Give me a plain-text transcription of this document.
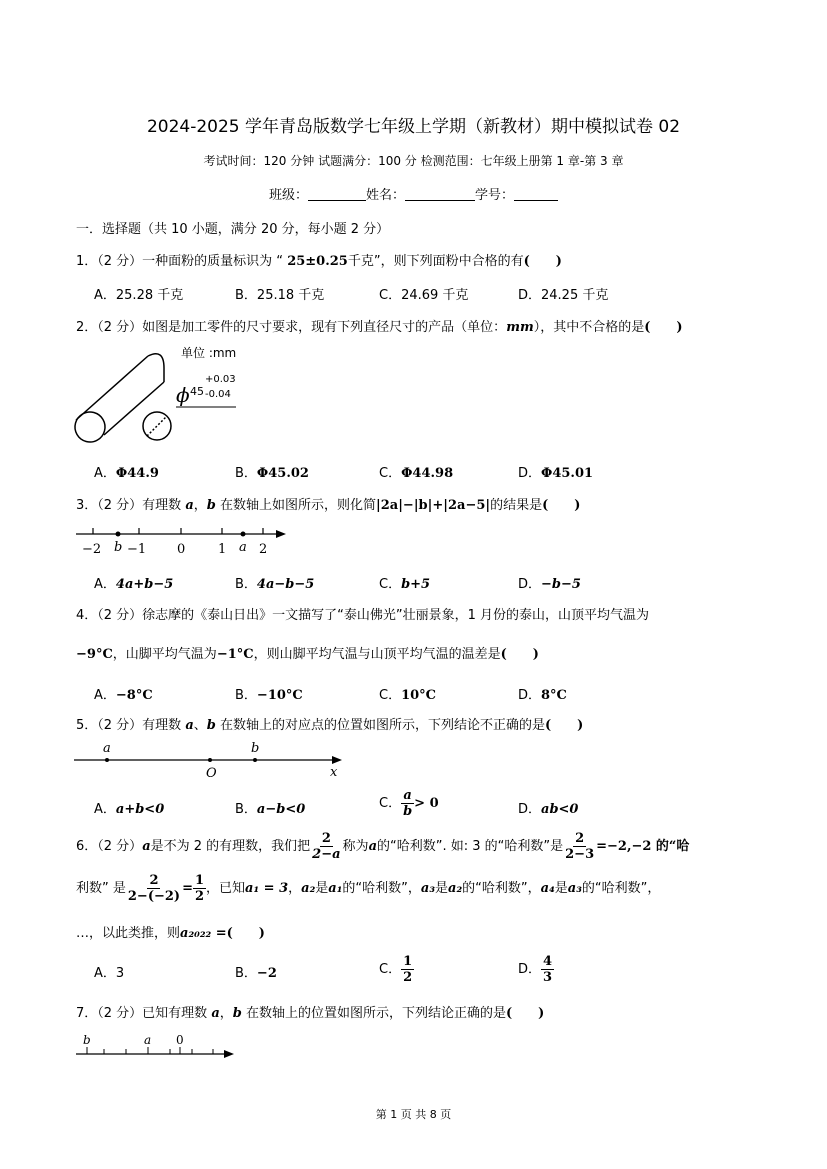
2024-2025 学年青岛版数学七年级上学期（新教材）期中模拟试卷 02
考试时间：120 分钟 试题满分：100 分 检测范围：七年级上册第 1 章-第 3 章
班级：	姓名：	学号：
一．选择题（共 10 小题，满分 20 分，每小题 2 分）
1．（2 分）一种面粉的质量标识为 “ 25±0.25千克”，则下列面粉中合格的有(　　)
A．25.28 千克	B．25.18 千克	C．24.69 千克	D．24.25 千克
2．（2 分）如图是加工零件的尺寸要求，现有下列直径尺寸的产品（单位：mm），其中不合格的是(　　)
ϕ
单位 :mm
45
+0.03
-0.04
A．Φ44.9	B．Φ45.02	C．Φ44.98	D．Φ45.01
3．（2 分）有理数 a，b 在数轴上如图所示，则化简|2a|−|b|+|2a−5|的结果是(　　)
−2 b −1 0	1 a 2
A．4a+b−5	B．4a−b−5	C．b+5	D．−b−5
4．（2 分）徐志摩的《泰山日出》一文描写了“泰山佛光”壮丽景象，1 月份的泰山，山顶平均气温为
−9°C，山脚平均气温为−1°C，则山脚平均气温与山顶平均气温的温差是(　　)
A．−8°C	B．−10°C	C．10°C	D．8°C
5．（2 分）有理数 a、b 在数轴上的对应点的位置如图所示，下列结论不正确的是(　　)
a	b
O	x
A．a+b<0	B．a−b<0	C． $\frac{a}{b} > 0$	D．ab<0
6．（2 分）a是不为 2 的有理数，我们把 $\frac{2}{2-a}$ 称为a的“哈利数”. 如: 3 的“哈利数”是 $\frac{2}{2-3} =-2,-2$ 的“哈
利数” 是 $\frac{2}{2-(-2)} = \frac{1}{2}$ ，已知a₁ = 3，a₂是a₁的“哈利数”，a₃是a₂的“哈利数”，a₄是a₃的“哈利数”，
…，以此类推，则a₂₀₂₂ =(　　)
A．3	B．−2	C． $\frac{1}{2}$	D． $\frac{4}{3}$
7．（2 分）已知有理数 a，b 在数轴上的位置如图所示，下列结论正确的是(　　)
b	a 0
第 1 页 共 8 页
